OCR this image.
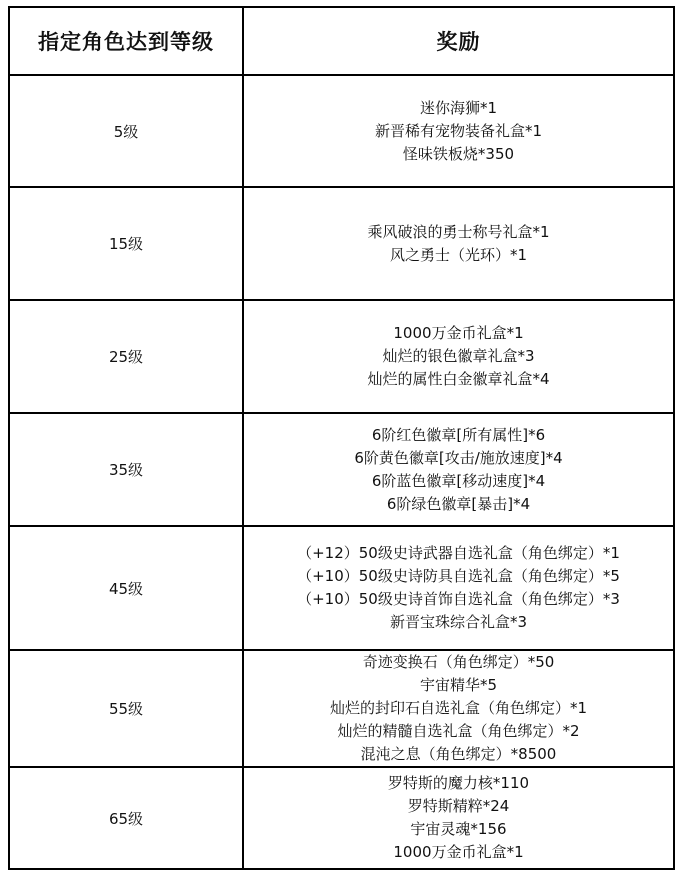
指定角色达到等级	奖励
5级	迷你海狮*1
新晋稀有宠物装备礼盒*1
怪味铁板烧*350

15级	乘风破浪的勇士称号礼盒*1
风之勇士（光环）*1

25级	1000万金币礼盒*1
灿烂的银色徽章礼盒*3
灿烂的属性白金徽章礼盒*4

35级	6阶红色徽章[所有属性]*6
6阶黄色徽章[攻击/施放速度]*4
6阶蓝色徽章[移动速度]*4
6阶绿色徽章[暴击]*4

45级	（+12）50级史诗武器自选礼盒（角色绑定）*1
（+10）50级史诗防具自选礼盒（角色绑定）*5
（+10）50级史诗首饰自选礼盒（角色绑定）*3
新晋宝珠综合礼盒*3

55级	奇迹变换石（角色绑定）*50
宇宙精华*5
灿烂的封印石自选礼盒（角色绑定）*1
灿烂的精髓自选礼盒（角色绑定）*2
混沌之息（角色绑定）*8500

65级	罗特斯的魔力核*110
罗特斯精粹*24
宇宙灵魂*156
1000万金币礼盒*1
